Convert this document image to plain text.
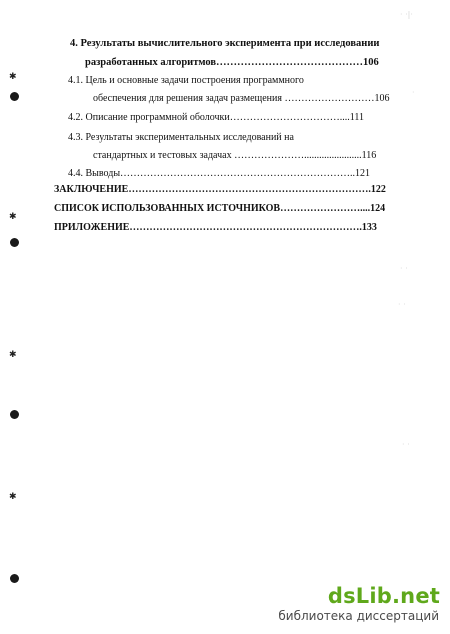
✱
✱
✱
✱
· ·|·
·
· ·
· ·
· ·
4. Результаты вычислительного эксперимента при исследовании
разработанных алгоритмов……………………………………106
4.1. Цель и основные задачи построения программного
обеспечения для решения задач размещения ………………………106
4.2. Описание программной оболочки……………………………....111
4.3. Результаты экспериментальных исследований на
стандартных и тестовых задачах ………………….......................116
4.4. Выводы……………………………………………………………..121
ЗАКЛЮЧЕНИЕ……………………………………………………………….122
СПИСОК ИСПОЛЬЗОВАННЫХ ИСТОЧНИКОВ……………………....124
ПРИЛОЖЕНИЕ…………………………………………………………….133
dsLib.net
библиотека диссертаций
